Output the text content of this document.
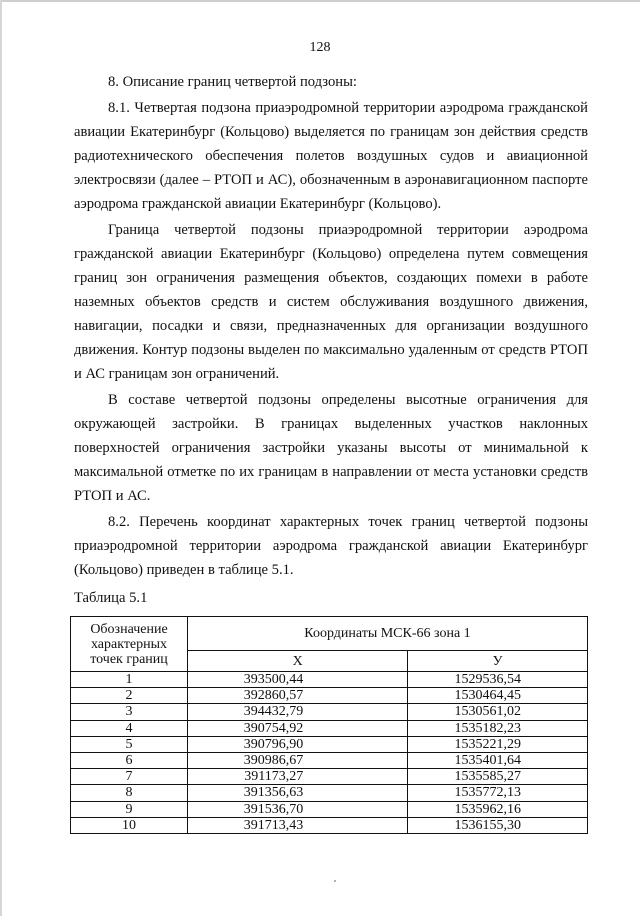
128

8. Описание границ четвертой подзоны:

8.1. Четвертая подзона приаэродромной территории аэродрома гражданской авиации Екатеринбург (Кольцово) выделяется по границам зон действия средств радиотехнического обеспечения полетов воздушных судов и авиационной электросвязи (далее – РТОП и АС), обозначенным в аэронавигационном паспорте аэродрома гражданской авиации Екатеринбург (Кольцово).

Граница четвертой подзоны приаэродромной территории аэродрома гражданской авиации Екатеринбург (Кольцово) определена путем совмещения границ зон ограничения размещения объектов, создающих помехи в работе наземных объектов средств и систем обслуживания воздушного движения, навигации, посадки и связи, предназначенных для организации воздушного движения. Контур подзоны выделен по максимально удаленным от средств РТОП и АС границам зон ограничений.

В составе четвертой подзоны определены высотные ограничения для окружающей застройки. В границах выделенных участков наклонных поверхностей ограничения застройки указаны высоты от минимальной к максимальной отметке по их границам в направлении от места установки средств РТОП и АС.

8.2. Перечень координат характерных точек границ четвертой подзоны приаэродромной территории аэродрома гражданской авиации Екатеринбург (Кольцово) приведен в таблице 5.1.

Таблица 5.1

Обозначение характерных точек границ	Координаты МСК-66 зона 1	
	Х	У
1	393500,44	1529536,54
2	392860,57	1530464,45
3	394432,79	1530561,02
4	390754,92	1535182,23
5	390796,90	1535221,29
6	390986,67	1535401,64
7	391173,27	1535585,27
8	391356,63	1535772,13
9	391536,70	1535962,16
10	391713,43	1536155,30
